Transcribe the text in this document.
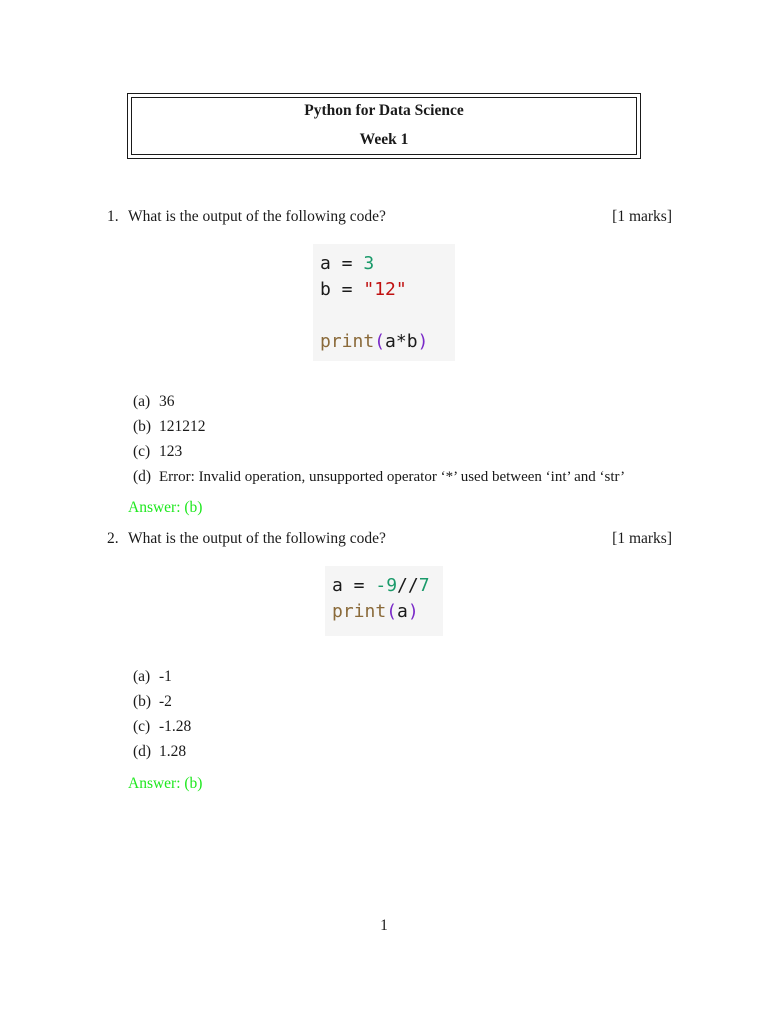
Python for Data Science
Week 1
1. What is the output of the following code?	[1 marks]
a = 3
b = "12"

print(a*b)
(a) 36
(b) 121212
(c) 123
(d) Error: Invalid operation, unsupported operator ‘*’ used between ‘int’ and ‘str’
Answer: (b)
2. What is the output of the following code?	[1 marks]
a = -9//7
print(a)
(a) -1
(b) -2
(c) -1.28
(d) 1.28
Answer: (b)
1
